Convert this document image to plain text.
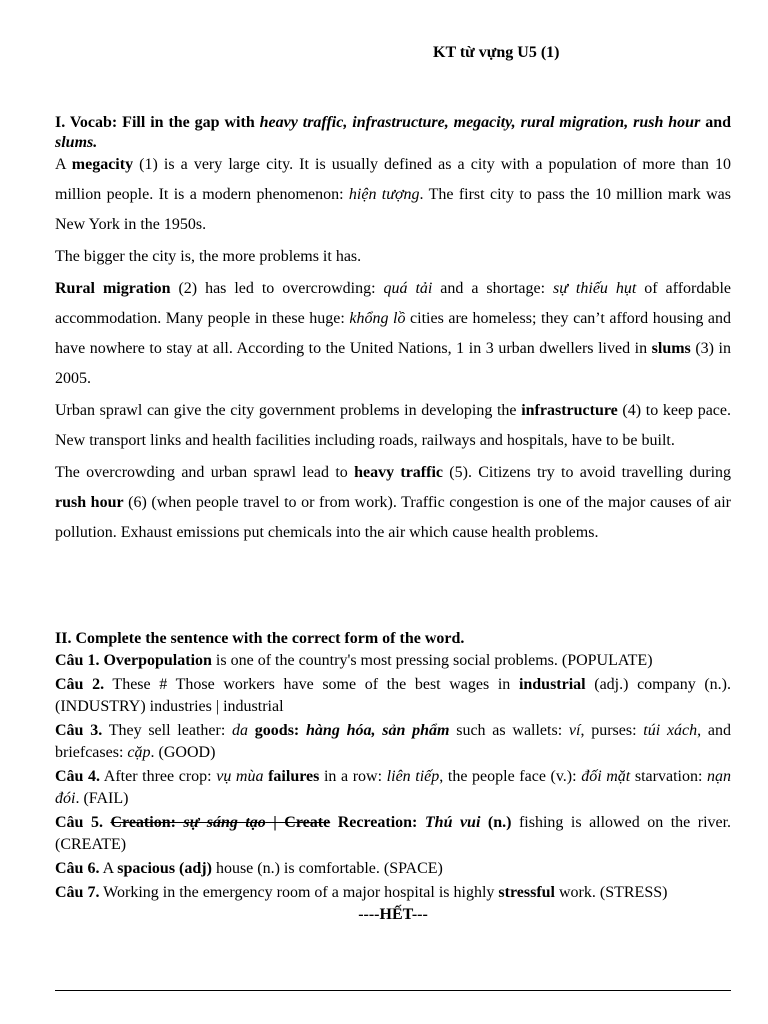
KT từ vựng U5 (1)
I. Vocab: Fill in the gap with heavy traffic, infrastructure, megacity, rural migration, rush hour and slums.

A megacity (1) is a very large city. It is usually defined as a city with a population of more than 10 million people. It is a modern phenomenon: hiện tượng. The first city to pass the 10 million mark was New York in the 1950s.

The bigger the city is, the more problems it has.

Rural migration (2) has led to overcrowding: quá tải and a shortage: sự thiếu hụt of affordable accommodation. Many people in these huge: khổng lồ cities are homeless; they can’t afford housing and have nowhere to stay at all. According to the United Nations, 1 in 3 urban dwellers lived in slums (3) in 2005.

Urban sprawl can give the city government problems in developing the infrastructure (4) to keep pace. New transport links and health facilities including roads, railways and hospitals, have to be built.

The overcrowding and urban sprawl lead to heavy traffic (5). Citizens try to avoid travelling during rush hour (6) (when people travel to or from work). Traffic congestion is one of the major causes of air pollution. Exhaust emissions put chemicals into the air which cause health problems.

II. Complete the sentence with the correct form of the word.

Câu 1. Overpopulation is one of the country's most pressing social problems. (POPULATE)

Câu 2. These # Those workers have some of the best wages in industrial (adj.) company (n.). (INDUSTRY) industries | industrial

Câu 3. They sell leather: da goods: hàng hóa, sản phẩm such as wallets: ví, purses: túi xách, and briefcases: cặp. (GOOD)

Câu 4. After three crop: vụ mùa failures in a row: liên tiếp, the people face (v.): đối mặt starvation: nạn đói. (FAIL)

Câu 5. Creation: sự sáng tạo | Create Recreation: Thú vui (n.) fishing is allowed on the river. (CREATE)

Câu 6. A spacious (adj) house (n.) is comfortable. (SPACE)

Câu 7. Working in the emergency room of a major hospital is highly stressful work. (STRESS)

----HẾT---
